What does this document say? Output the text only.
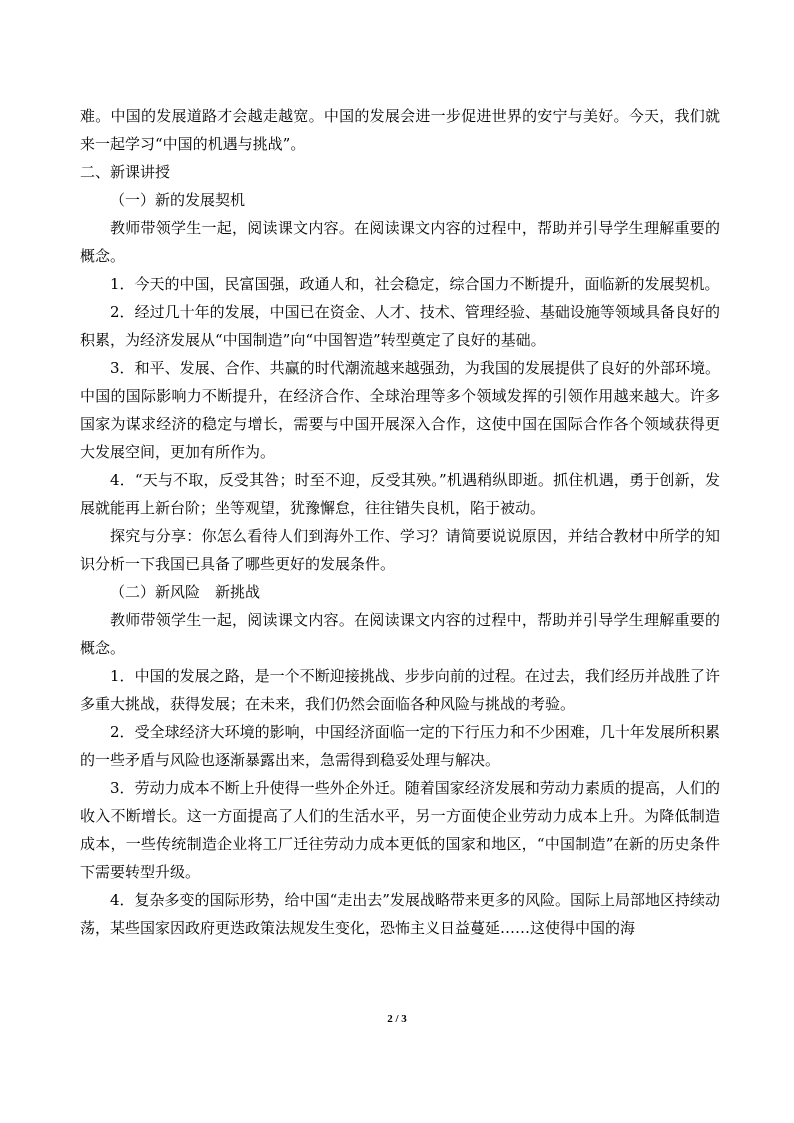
难。中国的发展道路才会越走越宽。中国的发展会进一步促进世界的安宁与美好。今天，我们就来一起学习“中国的机遇与挑战”。

二、新课讲授

（一）新的发展契机

教师带领学生一起，阅读课文内容。在阅读课文内容的过程中，帮助并引导学生理解重要的概念。

1．今天的中国，民富国强，政通人和，社会稳定，综合国力不断提升，面临新的发展契机。

2．经过几十年的发展，中国已在资金、人才、技术、管理经验、基础设施等领域具备良好的积累，为经济发展从“中国制造”向“中国智造”转型奠定了良好的基础。

3．和平、发展、合作、共赢的时代潮流越来越强劲，为我国的发展提供了良好的外部环境。中国的国际影响力不断提升，在经济合作、全球治理等多个领域发挥的引领作用越来越大。许多国家为谋求经济的稳定与增长，需要与中国开展深入合作，这使中国在国际合作各个领域获得更大发展空间，更加有所作为。

4．“天与不取，反受其咎；时至不迎，反受其殃。”机遇稍纵即逝。抓住机遇，勇于创新，发展就能再上新台阶；坐等观望，犹豫懈怠，往往错失良机，陷于被动。

探究与分享：你怎么看待人们到海外工作、学习？请简要说说原因，并结合教材中所学的知识分析一下我国已具备了哪些更好的发展条件。

（二）新风险　新挑战

教师带领学生一起，阅读课文内容。在阅读课文内容的过程中，帮助并引导学生理解重要的概念。

1．中国的发展之路，是一个不断迎接挑战、步步向前的过程。在过去，我们经历并战胜了许多重大挑战，获得发展；在未来，我们仍然会面临各种风险与挑战的考验。

2．受全球经济大环境的影响，中国经济面临一定的下行压力和不少困难，几十年发展所积累的一些矛盾与风险也逐渐暴露出来，急需得到稳妥处理与解决。

3．劳动力成本不断上升使得一些外企外迁。随着国家经济发展和劳动力素质的提高，人们的收入不断增长。这一方面提高了人们的生活水平，另一方面使企业劳动力成本上升。为降低制造成本，一些传统制造企业将工厂迁往劳动力成本更低的国家和地区，“中国制造”在新的历史条件下需要转型升级。

4．复杂多变的国际形势，给中国“走出去”发展战略带来更多的风险。国际上局部地区持续动荡，某些国家因政府更迭政策法规发生变化，恐怖主义日益蔓延……这使得中国的海

2 / 3
